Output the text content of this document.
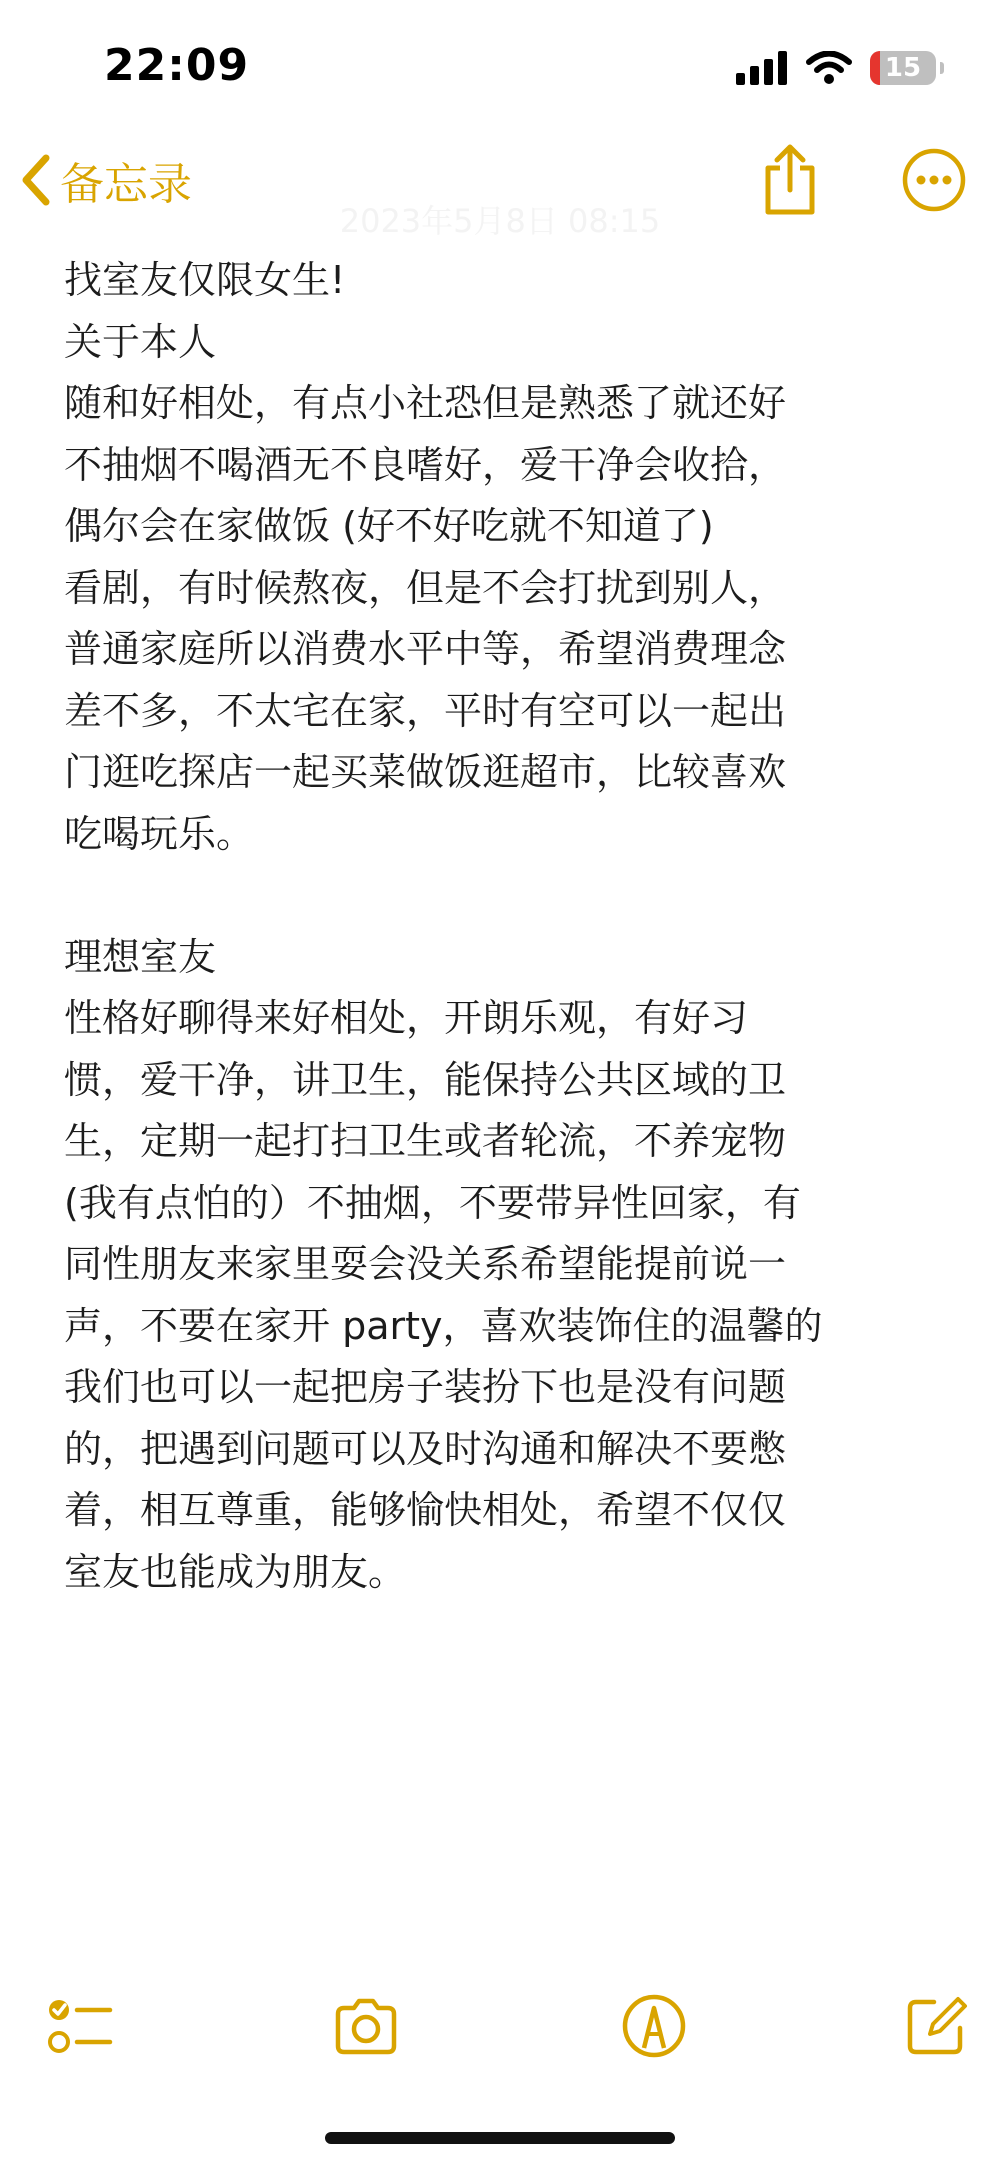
22:09	15
备忘录
2023年5月8日 08:15
找室友仅限女生!
关于本人
随和好相处，有点小社恐但是熟悉了就还好
不抽烟不喝酒无不良嗜好，爱干净会收拾，
偶尔会在家做饭 (好不好吃就不知道了)
看剧，有时候熬夜，但是不会打扰到别人，
普通家庭所以消费水平中等，希望消费理念
差不多，不太宅在家，平时有空可以一起出
门逛吃探店一起买菜做饭逛超市，比较喜欢
吃喝玩乐。
理想室友
性格好聊得来好相处，开朗乐观，有好习
惯，爱干净，讲卫生，能保持公共区域的卫
生，定期一起打扫卫生或者轮流，不养宠物
(我有点怕的）不抽烟，不要带异性回家，有
同性朋友来家里耍会没关系希望能提前说一
声，不要在家开 party，喜欢装饰住的温馨的
我们也可以一起把房子装扮下也是没有问题
的，把遇到问题可以及时沟通和解决不要憋
着，相互尊重，能够愉快相处，希望不仅仅
室友也能成为朋友。
